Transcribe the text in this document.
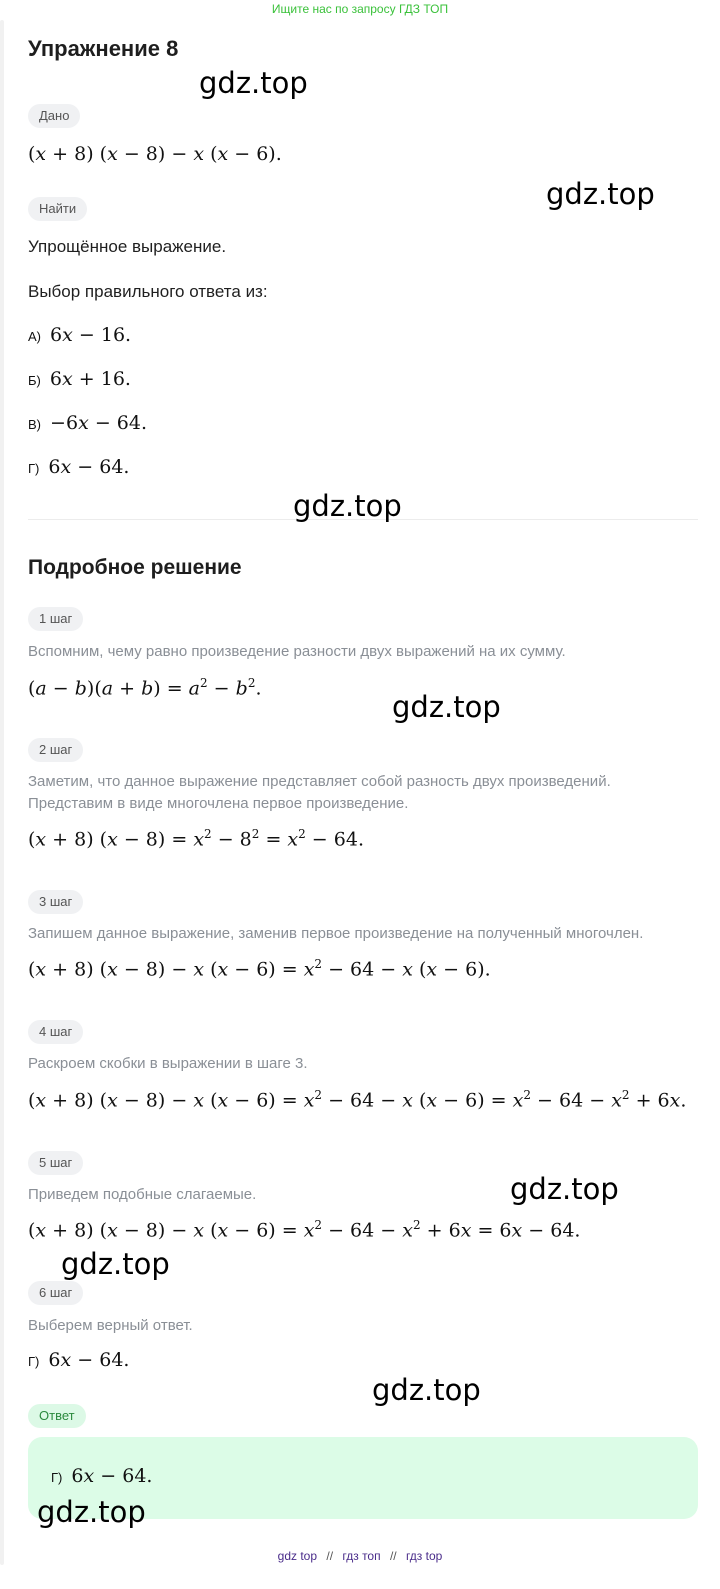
Ищите нас по запросу ГДЗ ТОП
Упражнение 8
Дано
(x + 8) (x − 8) − x (x − 6).
Найти
Упрощённое выражение.
Выбор правильного ответа из:
А) 6x − 16.
Б) 6x + 16.
В) −6x − 64.
Г) 6x − 64.
Подробное решение
1 шаг
Вспомним, чему равно произведение разности двух выражений на их сумму.
$(a - b)(a + b) = a^2 - b^2$.
2 шаг
Заметим, что данное выражение представляет собой разность двух произведений.
Представим в виде многочлена первое произведение.
(x + 8) $(x - 8) = x^2 - 8^2 = x^2 - 64$.
3 шаг
Запишем данное выражение, заменив первое произведение на полученный многочлен.
(x + 8) (x − 8) − x $(x - 6) = x^2 - 64 - x$ (x − 6).
4 шаг
Раскроем скобки в выражении в шаге 3.
(x + 8) (x − 8) − x $(x - 6) = x^2 - 64 - x$ $(x - 6) = x^2 - 64 - x^2 + 6x$.
5 шаг
Приведем подобные слагаемые.
(x + 8) (x − 8) − x $(x - 6) = x^2 - 64 - x^2 + 6x = 6x - 64$.
6 шаг
Выберем верный ответ.
Г) 6x − 64.
Ответ
Г) 6x − 64.
gdz.top
gdz.top
gdz.top
gdz.top
gdz.top
gdz.top
gdz.top
gdz.top
gdz top // гдз топ // гдз top
